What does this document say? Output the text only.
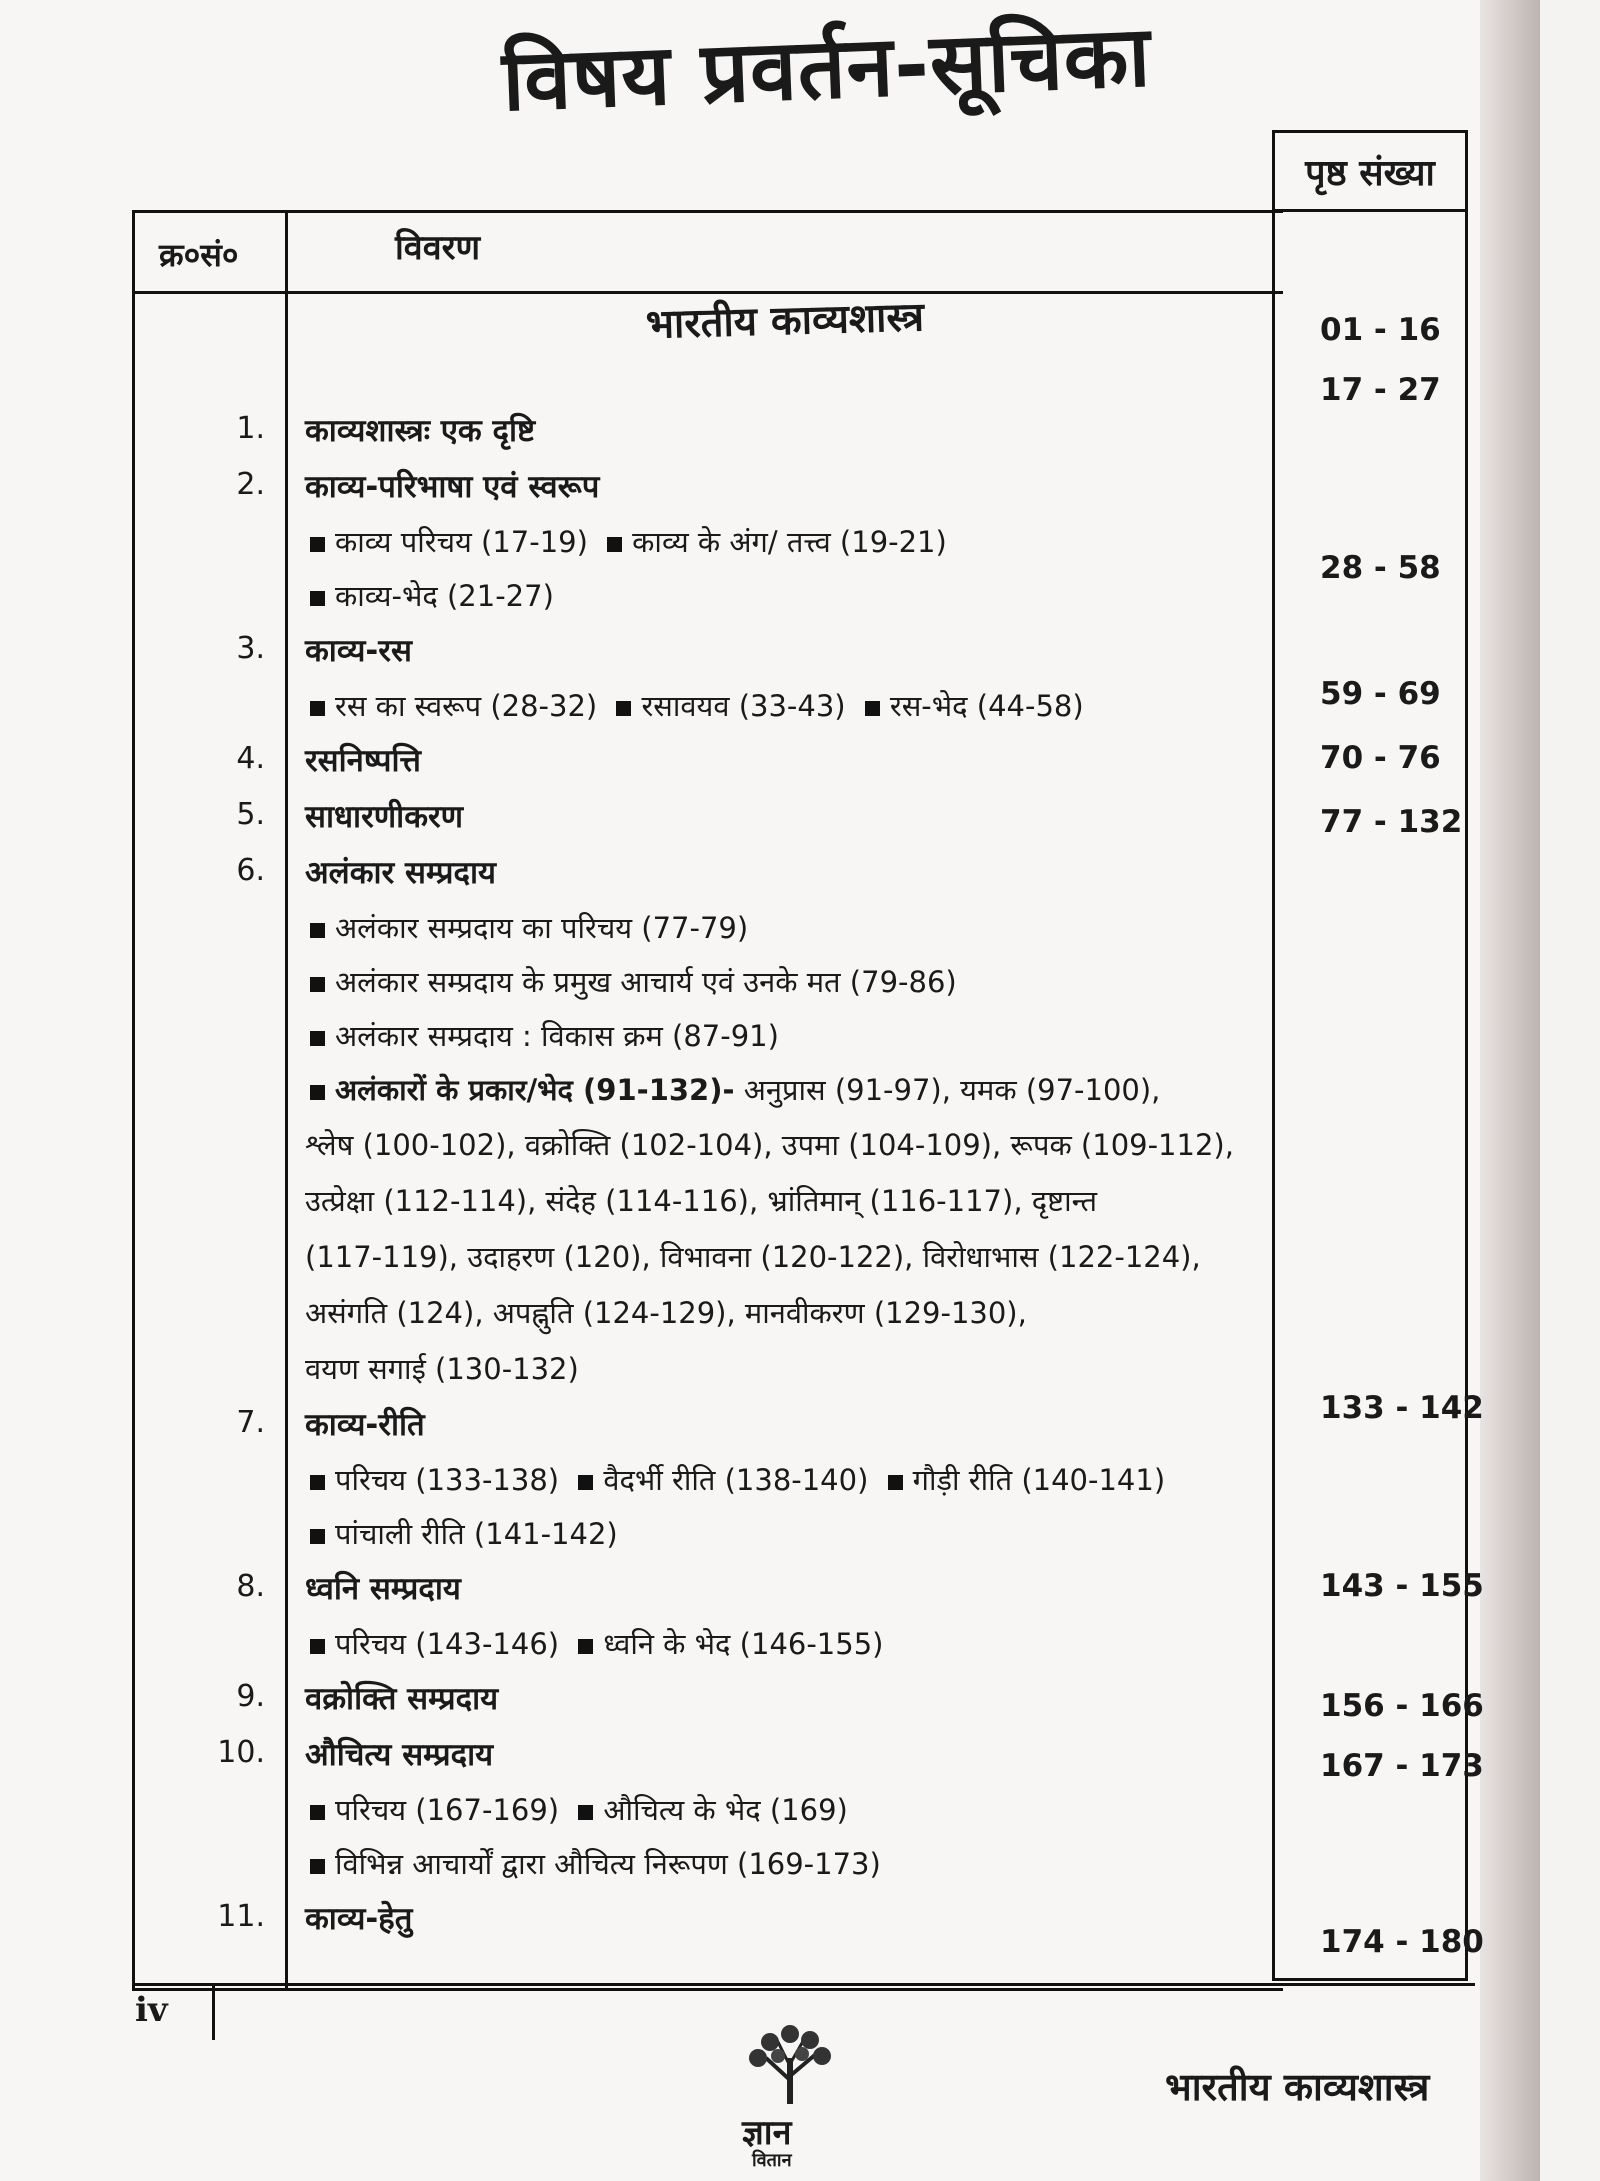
विषय प्रवर्तन-सूचिका
पृष्ठ संख्या
क्र०सं०	विवरण
भारतीय काव्यशास्त्र
1. काव्यशास्त्रः एक दृष्टि
2. काव्य-परिभाषा एवं स्वरूप
काव्य परिचय (17-19) काव्य के अंग/ तत्त्व (19-21)
काव्य-भेद (21-27)
3. काव्य-रस
रस का स्वरूप (28-32) रसावयव (33-43) रस-भेद (44-58)
4. रसनिष्पत्ति
5. साधारणीकरण
6. अलंकार सम्प्रदाय
अलंकार सम्प्रदाय का परिचय (77-79)
अलंकार सम्प्रदाय के प्रमुख आचार्य एवं उनके मत (79-86)
अलंकार सम्प्रदाय : विकास क्रम (87-91)
अलंकारों के प्रकार/भेद (91-132)- अनुप्रास (91-97), यमक (97-100),
श्लेष (100-102), वक्रोक्ति (102-104), उपमा (104-109), रूपक (109-112),
उत्प्रेक्षा (112-114), संदेह (114-116), भ्रांतिमान् (116-117), दृष्टान्त
(117-119), उदाहरण (120), विभावना (120-122), विरोधाभास (122-124),
असंगति (124), अपह्नुति (124-129), मानवीकरण (129-130),
वयण सगाई (130-132)
7. काव्य-रीति
परिचय (133-138) वैदर्भी रीति (138-140) गौड़ी रीति (140-141)
पांचाली रीति (141-142)
8. ध्वनि सम्प्रदाय
परिचय (143-146) ध्वनि के भेद (146-155)
9. वक्रोक्ति सम्प्रदाय
10. औचित्य सम्प्रदाय
परिचय (167-169) औचित्य के भेद (169)
विभिन्न आचार्यों द्वारा औचित्य निरूपण (169-173)
11. काव्य-हेतु
01 - 16
17 - 27
28 - 58
59 - 69
70 - 76
77 - 132
133 - 142
143 - 155
156 - 166
167 - 173
174 - 180
iv
ज्ञान
वितान
भारतीय काव्यशास्त्र
